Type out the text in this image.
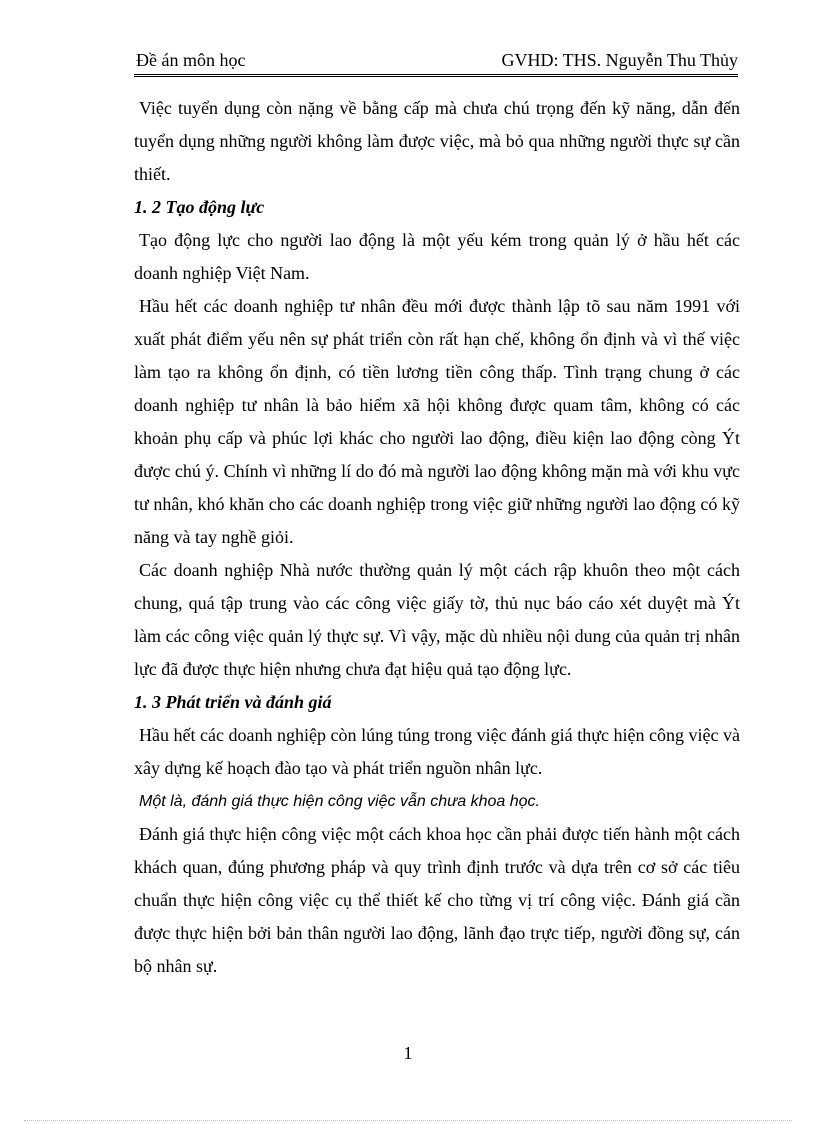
Đề án môn học	GVHD: THS. Nguyễn Thu Thủy

Việc tuyển dụng còn nặng về bằng cấp mà chưa chú trọng đến kỹ năng, dẫn đến tuyển dụng những người không làm được việc, mà bỏ qua những người thực sự cần thiết.

1. 2 Tạo động lực

Tạo động lực cho người lao động là một yếu kém trong quản lý ở hầu hết các doanh nghiệp Việt Nam.

Hầu hết các doanh nghiệp tư nhân đều mới được thành lập tõ sau năm 1991 với xuất phát điểm yếu nên sự phát triển còn rất hạn chế, không ổn định và vì thế việc làm tạo ra không ổn định, có tiền lương tiền công thấp. Tình trạng chung ở các doanh nghiệp tư nhân là bảo hiểm xã hội không được quam tâm, không có các khoản phụ cấp và phúc lợi khác cho người lao động, điều kiện lao động còng Ýt được chú ý. Chính vì những lí do đó mà người lao động không mặn mà với khu vực tư nhân, khó khăn cho các doanh nghiệp trong việc giữ những người lao động có kỹ năng và tay nghề giỏi.

Các doanh nghiệp Nhà nước thường quản lý một cách rập khuôn theo một cách chung, quá tập trung vào các công việc giấy tờ, thủ nục báo cáo xét duyệt mà Ýt làm các công việc quản lý thực sự. Vì vậy, mặc dù nhiều nội dung của quản trị nhân lực đã được thực hiện nhưng chưa đạt hiệu quả tạo động lực.

1. 3 Phát triển và đánh giá

Hầu hết các doanh nghiệp còn lúng túng trong việc đánh giá thực hiện công việc và xây dựng kế hoạch đào tạo và phát triển nguồn nhân lực.

Một là, đánh giá thực hiện công việc vẫn chưa khoa học.

Đánh giá thực hiện công việc một cách khoa học cần phải được tiến hành một cách khách quan, đúng phương pháp và quy trình định trước và dựa trên cơ sở các tiêu chuẩn thực hiện công việc cụ thể thiết kế cho từng vị trí công việc. Đánh giá cần được thực hiện bởi bản thân người lao động, lãnh đạo trực tiếp, người đồng sự, cán bộ nhân sự.

1
